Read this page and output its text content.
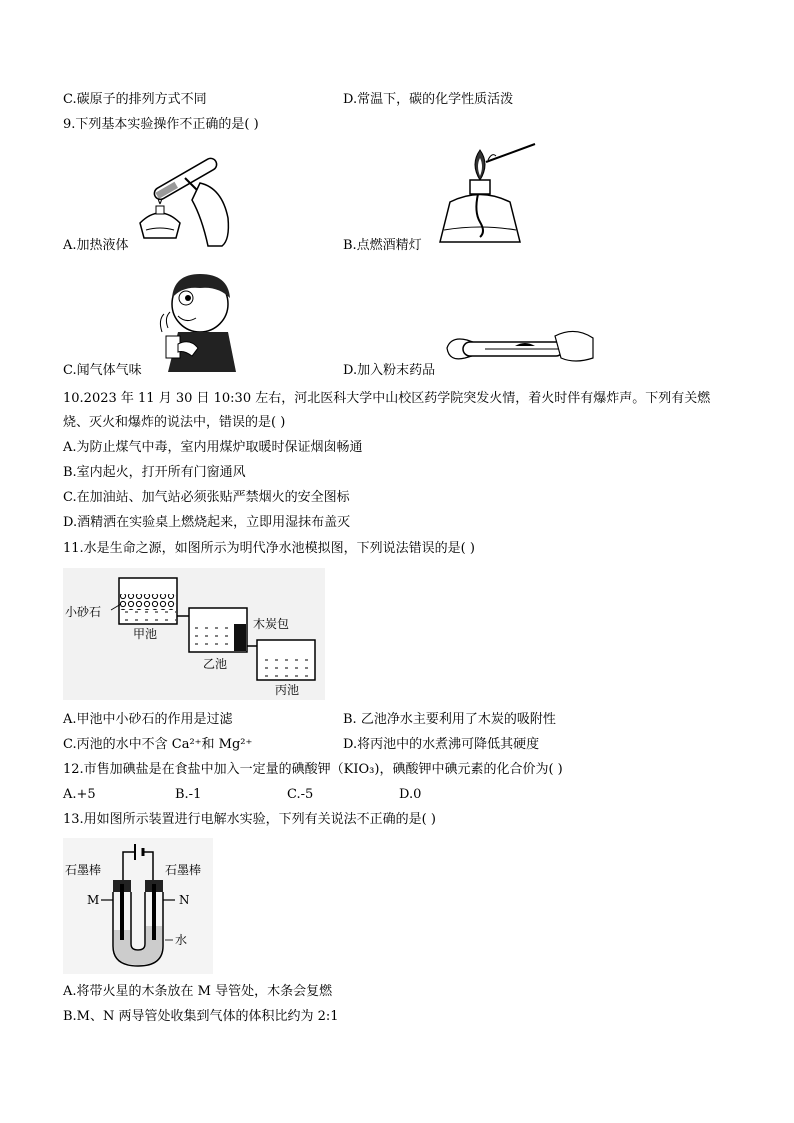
C.碳原子的排列方式不同	D.常温下，碳的化学性质活泼
9.下列基本实验操作不正确的是( )
A.加热液体	B.点燃酒精灯
C.闻气体气味	D.加入粉末药品
10.2023 年 11 月 30 日 10:30 左右，河北医科大学中山校区药学院突发火情，着火时伴有爆炸声。下列有关燃
烧、灭火和爆炸的说法中，错误的是( )
A.为防止煤气中毒，室内用煤炉取暖时保证烟囱畅通
B.室内起火，打开所有门窗通风
C.在加油站、加气站必须张贴严禁烟火的安全图标
D.酒精洒在实验桌上燃烧起来，立即用湿抹布盖灭
11.水是生命之源，如图所示为明代净水池模拟图，下列说法错误的是( )
小砂石
甲池
木炭包
乙池
丙池
A.甲池中小砂石的作用是过滤	B. 乙池净水主要利用了木炭的吸附性
C.丙池的水中不含 Ca²⁺和 Mg²⁺	D.将丙池中的水煮沸可降低其硬度
12.市售加碘盐是在食盐中加入一定量的碘酸钾（KIO₃)，碘酸钾中碘元素的化合价为( )
A.+5	B.-1	C.-5	D.0
13.用如图所示装置进行电解水实验，下列有关说法不正确的是( )
石墨棒	石墨棒
M	N
水
A.将带火星的木条放在 M 导管处，木条会复燃
B.M、N 两导管处收集到气体的体积比约为 2:1
